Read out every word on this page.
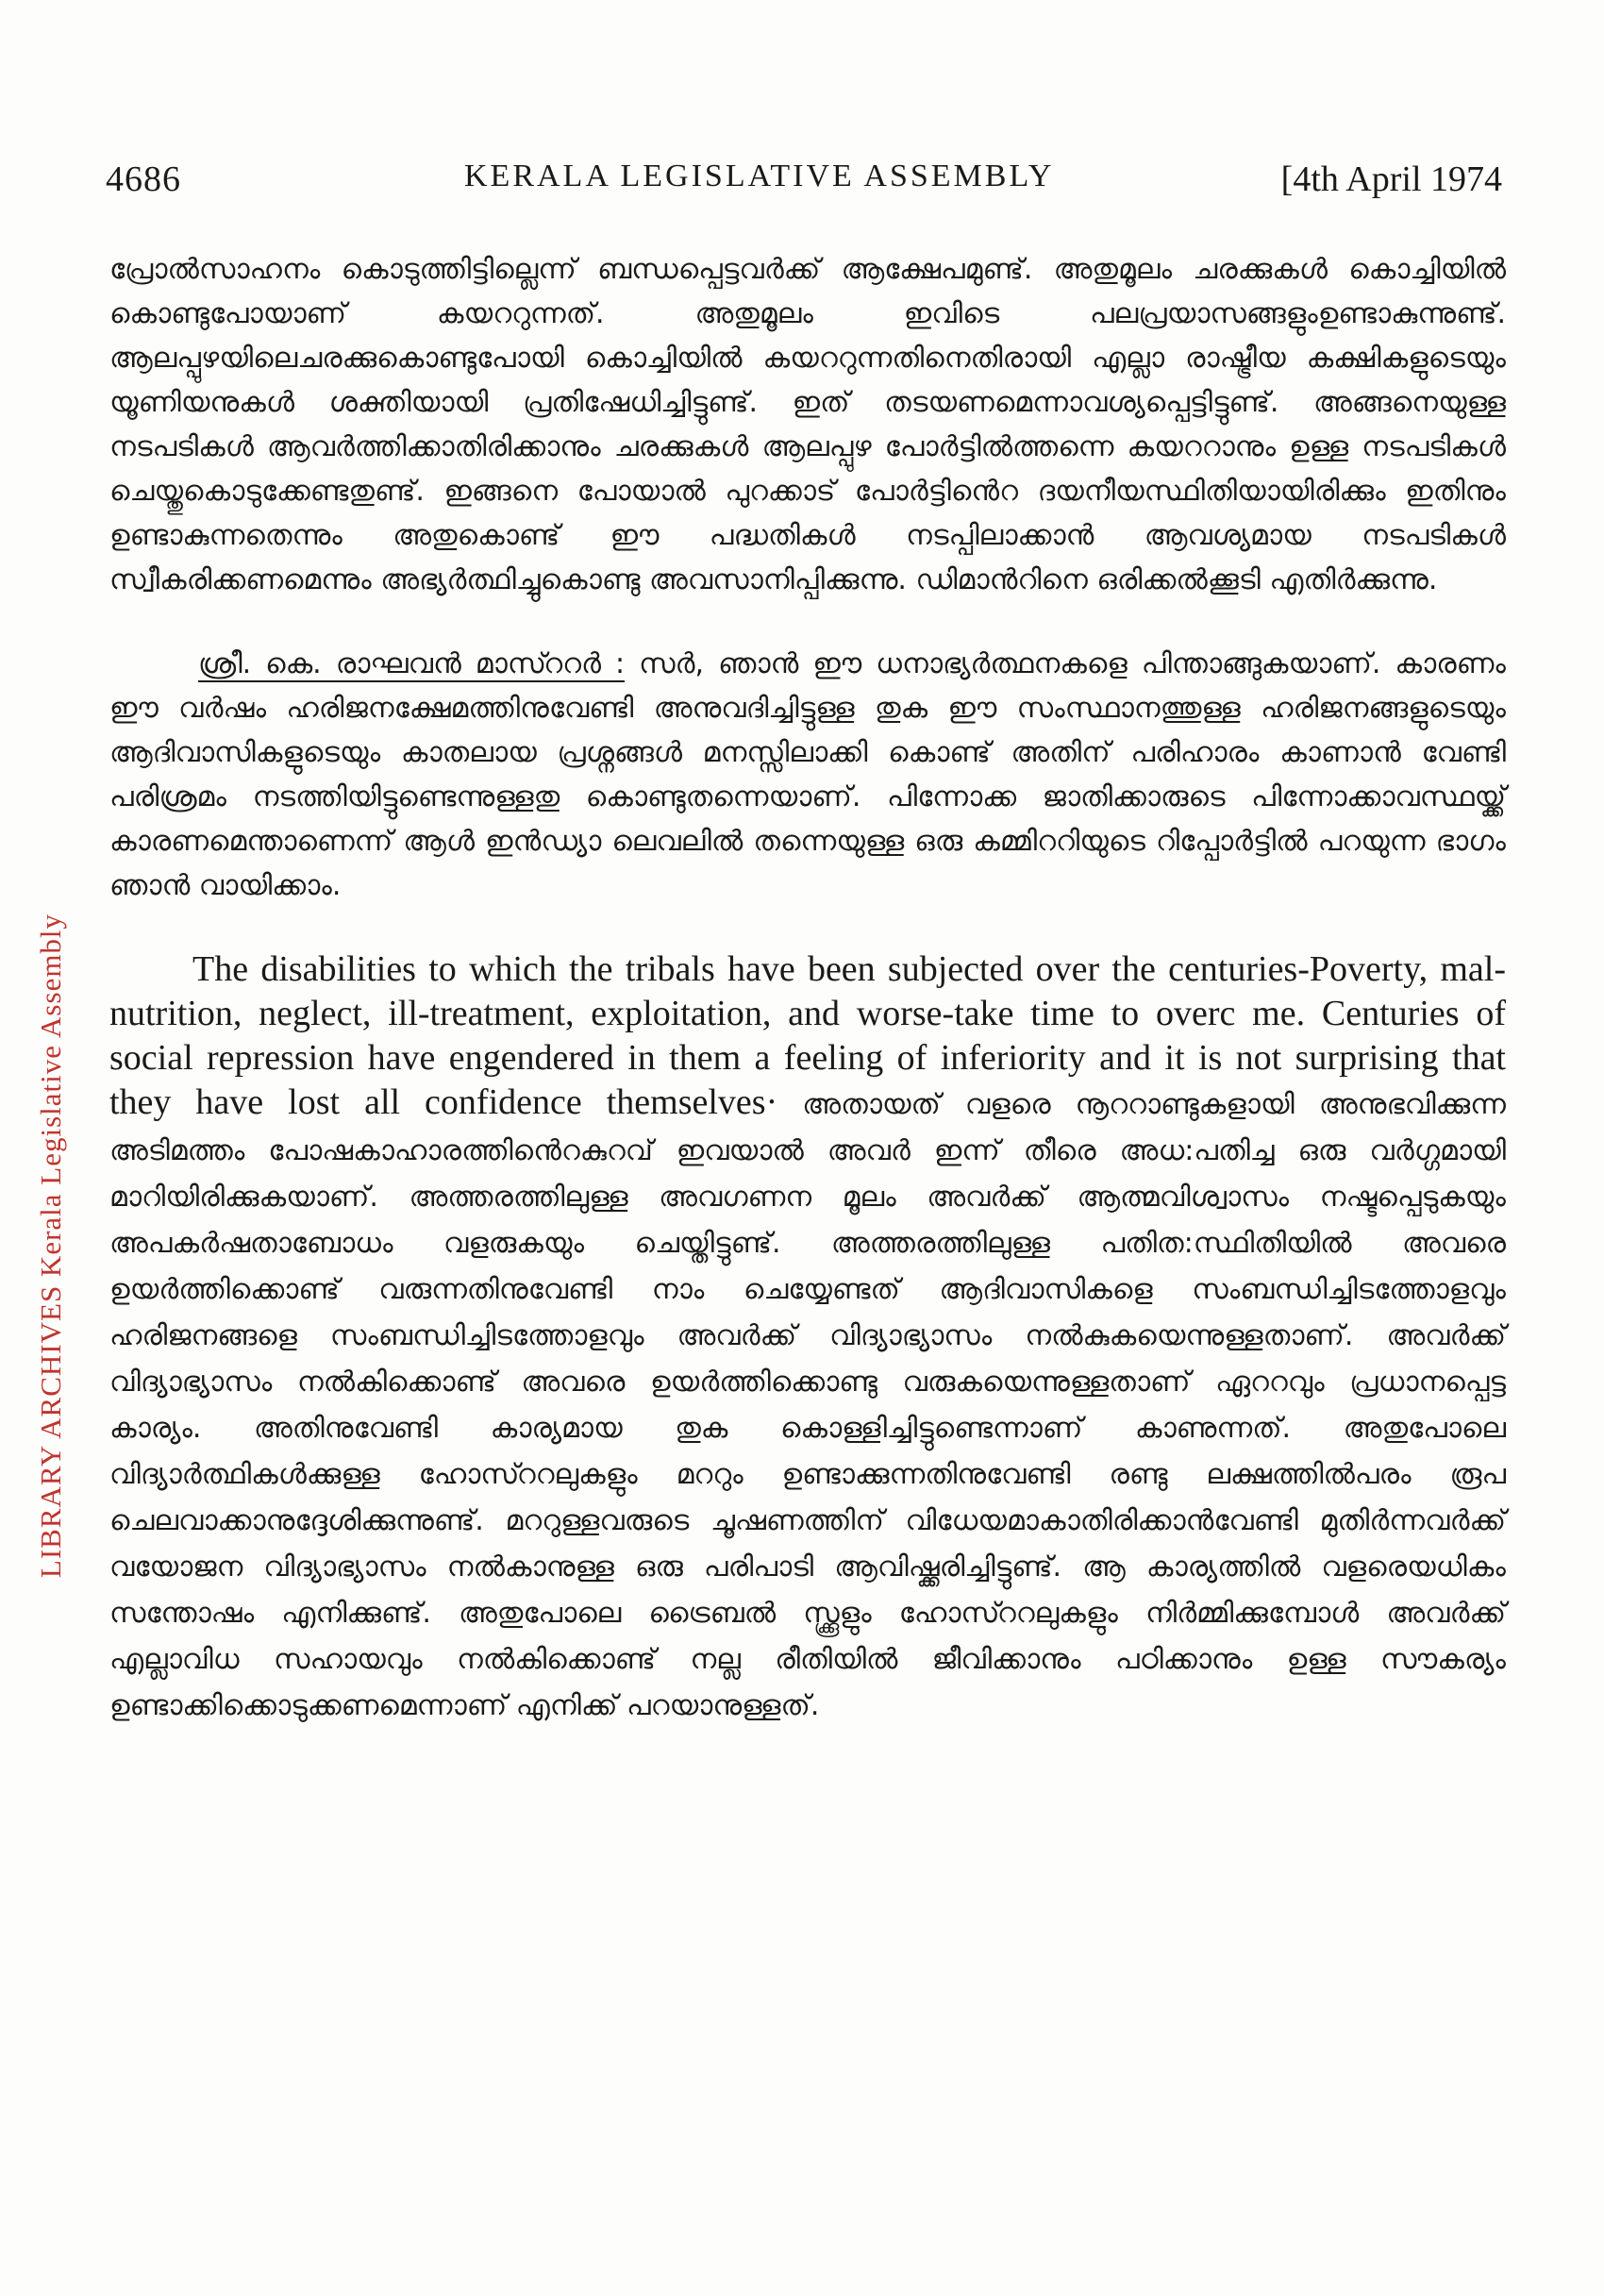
4686	KERALA LEGISLATIVE ASSEMBLY	[4th April 1974
LIBRARY ARCHIVES Kerala Legislative Assembly

പ്രോൽസാഹനം കൊടുത്തിട്ടില്ലെന്ന് ബന്ധപ്പെട്ടവർക്ക് ആക്ഷേപമുണ്ട്. അതുമൂലം ചരക്കുകൾ കൊച്ചിയിൽ കൊണ്ടുപോയാണ് കയററുന്നത്. അതുമൂലം ഇവിടെ പലപ്രയാസങ്ങളുംഉണ്ടാകുന്നുണ്ട്. ആലപ്പുഴയിലെചരക്കുകൊണ്ടുപോയി കൊച്ചിയിൽ കയററുന്നതിനെതിരായി എല്ലാ രാഷ്ട്രീയ കക്ഷികളുടെയും യൂണിയനുകൾ ശക്തിയായി പ്രതിഷേധിച്ചിട്ടുണ്ട്. ഇത് തടയണമെന്നാവശ്യപ്പെട്ടിട്ടുണ്ട്. അങ്ങനെയുള്ള നടപടികൾ ആവർത്തിക്കാതിരിക്കാനും ചരക്കുകൾ ആലപ്പുഴ പോർട്ടിൽത്തന്നെ കയററാനും ഉള്ള നടപടികൾ ചെയ്തുകൊടുക്കേണ്ടതുണ്ട്. ഇങ്ങനെ പോയാൽ പുറക്കാട് പോർട്ടിൻെറ ദയനീയസ്ഥിതിയായിരിക്കും ഇതിനും ഉണ്ടാകുന്നതെന്നും അതുകൊണ്ട് ഈ പദ്ധതികൾ നടപ്പിലാക്കാൻ ആവശ്യമായ നടപടികൾ സ്വീകരിക്കണമെന്നും അഭ്യർത്ഥിച്ചുകൊണ്ടു അവസാനിപ്പിക്കുന്നു. ഡിമാൻറിനെ ഒരിക്കൽക്കൂടി എതിർക്കുന്നു.

ശ്രീ. കെ. രാഘവൻ മാസ്ററർ : സർ, ഞാൻ ഈ ധനാഭ്യർത്ഥനകളെ പിന്താങ്ങുകയാണ്. കാരണം ഈ വർഷം ഹരിജനക്ഷേമത്തിനുവേണ്ടി അനുവദിച്ചിട്ടുള്ള തുക ഈ സംസ്ഥാനത്തുള്ള ഹരിജനങ്ങളുടെയും ആദിവാസികളുടെയും കാതലായ പ്രശ്നങ്ങൾ മനസ്സിലാക്കി കൊണ്ട് അതിന് പരിഹാരം കാണാൻ വേണ്ടി പരിശ്രമം നടത്തിയിട്ടുണ്ടെന്നുള്ളതു കൊണ്ടുതന്നെയാണ്. പിന്നോക്ക ജാതിക്കാരുടെ പിന്നോക്കാവസ്ഥയ്ക്ക് കാരണമെന്താണെന്ന് ആൾ ഇൻഡ്യാ ലെവലിൽ തന്നെയുള്ള ഒരു കമ്മിററിയുടെ റിപ്പോർട്ടിൽ പറയുന്ന ഭാഗം ഞാൻ വായിക്കാം.

The disabilities to which the tribals have been subjected over the centuries-Poverty, mal-nutrition, neglect, ill-treatment, exploitation, and worse-take time to overc me. Centuries of social repression have engendered in them a feeling of inferiority and it is not surprising that they have lost all confidence themselves· അതായത് വളരെ നൂററാണ്ടുകളായി അനുഭവിക്കുന്ന അടിമത്തം പോഷകാഹാരത്തിൻെറകുറവ് ഇവയാൽ അവർ ഇന്ന് തീരെ അധ:പതിച്ച ഒരു വർഗ്ഗമായി മാറിയിരിക്കുകയാണ്. അത്തരത്തിലുള്ള അവഗണന മൂലം അവർക്ക് ആത്മവിശ്വാസം നഷ്ടപ്പെടുകയും അപകർഷതാബോധം വളരുകയും ചെയ്തിട്ടുണ്ട്. അത്തരത്തിലുള്ള പതിത:സ്ഥിതിയിൽ അവരെ ഉയർത്തിക്കൊണ്ട് വരുന്നതിനുവേണ്ടി നാം ചെയ്യേണ്ടത് ആദിവാസികളെ സംബന്ധിച്ചിടത്തോളവും ഹരിജനങ്ങളെ സംബന്ധിച്ചിടത്തോളവും അവർക്ക് വിദ്യാഭ്യാസം നൽകുകയെന്നുള്ളതാണ്. അവർക്ക് വിദ്യാഭ്യാസം നൽകിക്കൊണ്ട് അവരെ ഉയർത്തിക്കൊണ്ടു വരുകയെന്നുള്ളതാണ് ഏററവും പ്രധാനപ്പെട്ട കാര്യം. അതിനുവേണ്ടി കാര്യമായ തുക കൊള്ളിച്ചിട്ടുണ്ടെന്നാണ് കാണുന്നത്. അതുപോലെ വിദ്യാർത്ഥികൾക്കുള്ള ഹോസ്ററലുകളും മററും ഉണ്ടാക്കുന്നതിനുവേണ്ടി രണ്ടു ലക്ഷത്തിൽപരം രൂപ ചെലവാക്കാനുദ്ദേശിക്കുന്നുണ്ട്. മററുള്ളവരുടെ ചൂഷണത്തിന് വിധേയമാകാതിരിക്കാൻവേണ്ടി മുതിർന്നവർക്ക് വയോജന വിദ്യാഭ്യാസം നൽകാനുള്ള ഒരു പരിപാടി ആവിഷ്ക്കരിച്ചിട്ടുണ്ട്. ആ കാര്യത്തിൽ വളരെയധികം സന്തോഷം എനിക്കുണ്ട്. അതുപോലെ ട്രൈബൽ സ്ക്കൂളും ഹോസ്ററലുകളും നിർമ്മിക്കുമ്പോൾ അവർക്ക് എല്ലാവിധ സഹായവും നൽകിക്കൊണ്ട് നല്ല രീതിയിൽ ജീവിക്കാനും പഠിക്കാനും ഉള്ള സൗകര്യം ഉണ്ടാക്കിക്കൊടുക്കണമെന്നാണ് എനിക്ക് പറയാനുള്ളത്.
